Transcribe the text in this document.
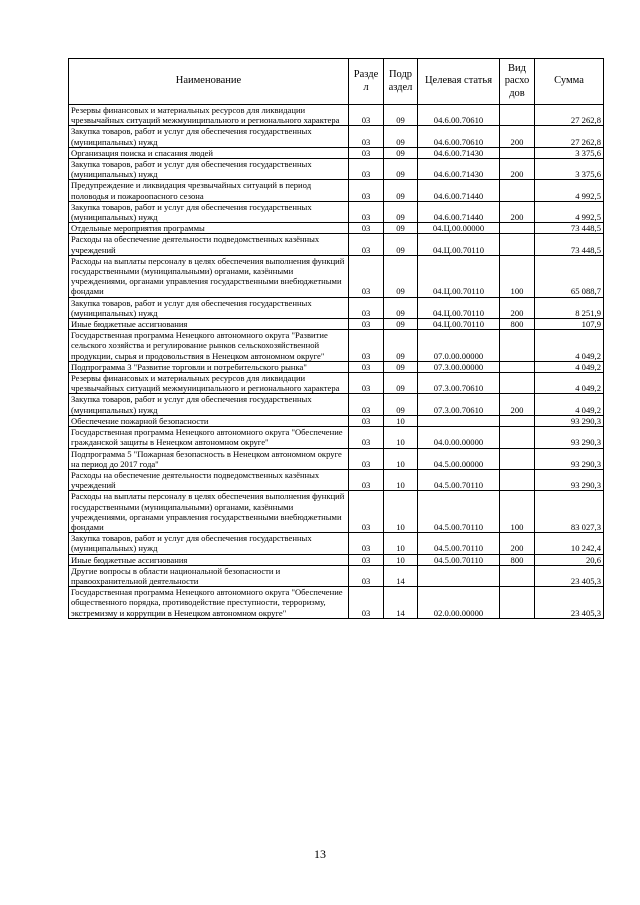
Наименование	Разде л	Подр аздел	Целевая статья	Вид расхо дов	Сумма
Резервы финансовых и материальных ресурсов для ликвидации чрезвычайных ситуаций межмуниципального и регионального характера	03	09	04.6.00.70610		27 262,8
Закупка товаров, работ и услуг для обеспечения государственных (муниципальных) нужд	03	09	04.6.00.70610	200	27 262,8
Организация поиска и спасания людей	03	09	04.6.00.71430		3 375,6
Закупка товаров, работ и услуг для обеспечения государственных (муниципальных) нужд	03	09	04.6.00.71430	200	3 375,6
Предупреждение и ликвидация чрезвычайных ситуаций в период половодья и пожароопасного сезона	03	09	04.6.00.71440		4 992,5
Закупка товаров, работ и услуг для обеспечения государственных (муниципальных) нужд	03	09	04.6.00.71440	200	4 992,5
Отдельные мероприятия программы	03	09	04.Ц.00.00000		73 448,5
Расходы на обеспечение деятельности подведомственных казённых учреждений	03	09	04.Ц.00.70110		73 448,5
Расходы на выплаты персоналу в целях обеспечения выполнения функций государственными (муниципальными) органами, казёнными учреждениями, органами управления государственными внебюджетными фондами	03	09	04.Ц.00.70110	100	65 088,7
Закупка товаров, работ и услуг для обеспечения государственных (муниципальных) нужд	03	09	04.Ц.00.70110	200	8 251,9
Иные бюджетные ассигнования	03	09	04.Ц.00.70110	800	107,9
Государственная программа Ненецкого автономного округа "Развитие сельского хозяйства и регулирование рынков сельскохозяйственной продукции, сырья и продовольствия в Ненецком автономном округе"	03	09	07.0.00.00000		4 049,2
Подпрограмма 3 "Развитие торговли и потребительского рынка"	03	09	07.3.00.00000		4 049,2
Резервы финансовых и материальных ресурсов для ликвидации чрезвычайных ситуаций межмуниципального и регионального характера	03	09	07.3.00.70610		4 049,2
Закупка товаров, работ и услуг для обеспечения государственных (муниципальных) нужд	03	09	07.3.00.70610	200	4 049,2
Обеспечение пожарной безопасности	03	10			93 290,3
Государственная программа Ненецкого автономного округа "Обеспечение гражданской защиты в Ненецком автономном округе"	03	10	04.0.00.00000		93 290,3
Подпрограмма 5 "Пожарная безопасность в Ненецком автономном округе на период до 2017 года"	03	10	04.5.00.00000		93 290,3
Расходы на обеспечение деятельности подведомственных казённых учреждений	03	10	04.5.00.70110		93 290,3
Расходы на выплаты персоналу в целях обеспечения выполнения функций государственными (муниципальными) органами, казёнными учреждениями, органами управления государственными внебюджетными фондами	03	10	04.5.00.70110	100	83 027,3
Закупка товаров, работ и услуг для обеспечения государственных (муниципальных) нужд	03	10	04.5.00.70110	200	10 242,4
Иные бюджетные ассигнования	03	10	04.5.00.70110	800	20,6
Другие вопросы в области национальной безопасности и правоохранительной деятельности	03	14			23 405,3
Государственная программа Ненецкого автономного округа "Обеспечение общественного порядка, противодействие преступности, терроризму, экстремизму и коррупции в Ненецком автономном округе"	03	14	02.0.00.00000		23 405,3
13
